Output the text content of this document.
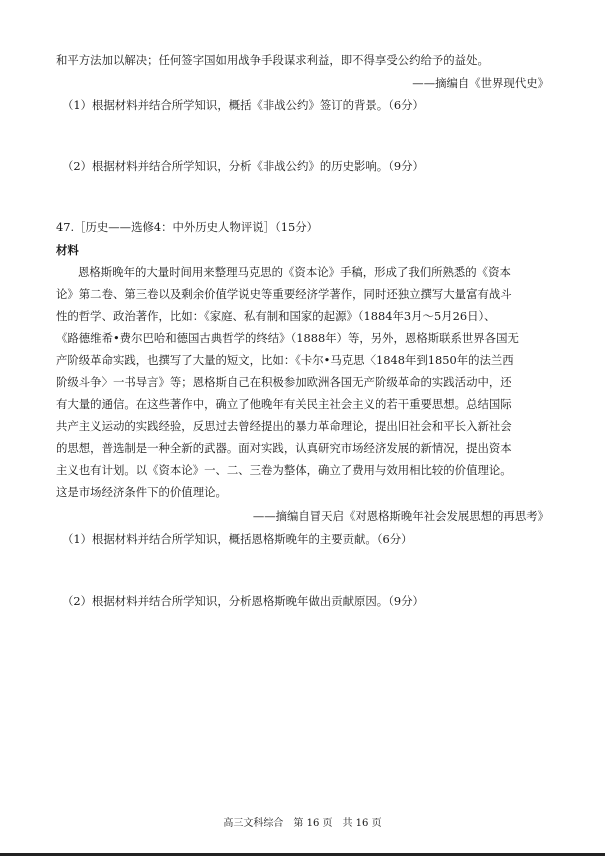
和平方法加以解决；任何签字国如用战争手段谋求利益，即不得享受公约给予的益处。
——摘编自《世界现代史》
（1）根据材料并结合所学知识，概括《非战公约》签订的背景。（6分）
（2）根据材料并结合所学知识，分析《非战公约》的历史影响。（9分）
47.［历史——选修4：中外历史人物评说］（15分）
材料
恩格斯晚年的大量时间用来整理马克思的《资本论》手稿，形成了我们所熟悉的《资本
论》第二卷、第三卷以及剩余价值学说史等重要经济学著作，同时还独立撰写大量富有战斗
性的哲学、政治著作，比如：《家庭、私有制和国家的起源》（1884年3月～5月26日）、
《路德维希•费尔巴哈和德国古典哲学的终结》（1888年）等，另外，恩格斯联系世界各国无
产阶级革命实践，也撰写了大量的短文，比如：《卡尔•马克思〈1848年到1850年的法兰西
阶级斗争〉一书导言》等；恩格斯自己在积极参加欧洲各国无产阶级革命的实践活动中，还
有大量的通信。在这些著作中，确立了他晚年有关民主社会主义的若干重要思想。总结国际
共产主义运动的实践经验，反思过去曾经提出的暴力革命理论，提出旧社会和平长入新社会
的思想，普选制是一种全新的武器。面对实践，认真研究市场经济发展的新情况，提出资本
主义也有计划。以《资本论》一、二、三卷为整体，确立了费用与效用相比较的价值理论。
这是市场经济条件下的价值理论。
——摘编自冒天启《对恩格斯晚年社会发展思想的再思考》
（1）根据材料并结合所学知识，概括恩格斯晚年的主要贡献。（6分）
（2）根据材料并结合所学知识，分析恩格斯晚年做出贡献原因。（9分）
高三文科综合　第 16 页　共 16 页
